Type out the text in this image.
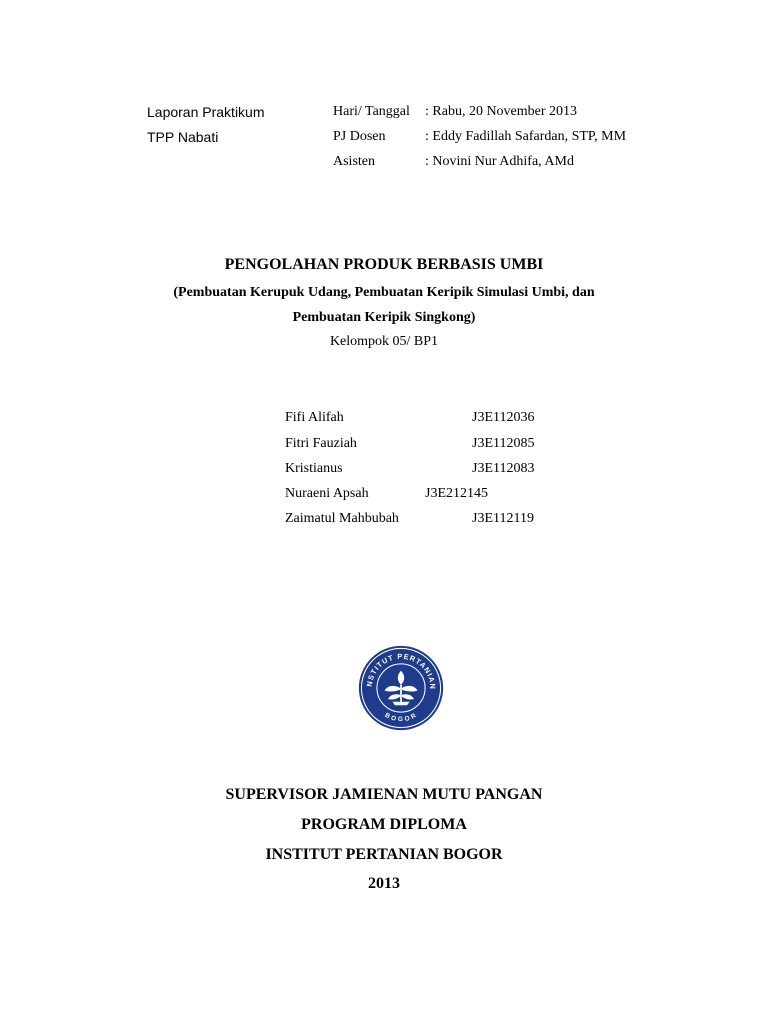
Laporan Praktikum
TPP Nabati
Hari/ Tanggal : Rabu, 20 November 2013
PJ Dosen	: Eddy Fadillah Safardan, STP, MM
Asisten	: Novini Nur Adhifa, AMd
PENGOLAHAN PRODUK BERBASIS UMBI
(Pembuatan Kerupuk Udang, Pembuatan Keripik Simulasi Umbi, dan
Pembuatan Keripik Singkong)
Kelompok 05/ BP1
Fifi Alifah	J3E112036
Fitri Fauziah	J3E112085
Kristianus	J3E112083
Nuraeni Apsah	J3E212145
Zaimatul Mahbubah	J3E112119
NSTITUT PERTANIAN
BOGOR
SUPERVISOR JAMIENAN MUTU PANGAN
PROGRAM DIPLOMA
INSTITUT PERTANIAN BOGOR
2013
